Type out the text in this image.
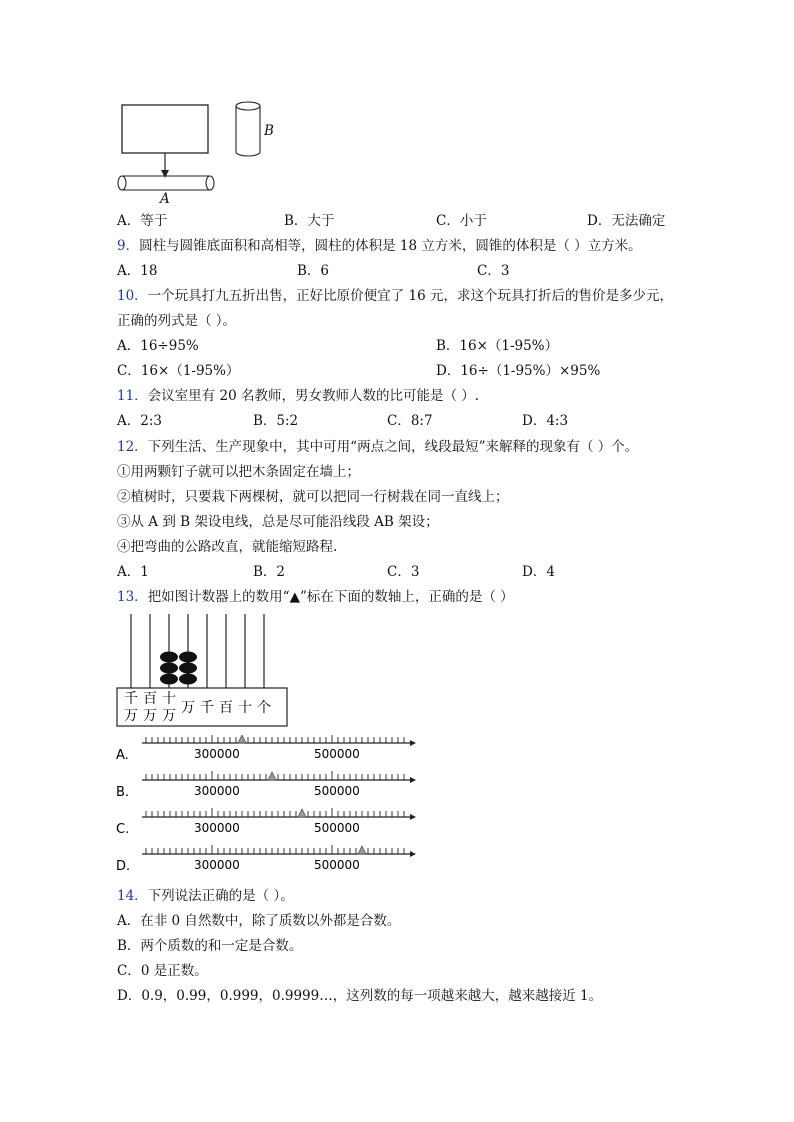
A
B
A．等于	B．大于	C．小于	D．无法确定
9．圆柱与圆锥底面积和高相等，圆柱的体积是 18 立方米，圆锥的体积是（ ）立方米。
A．18	B．6	C．3
10．一个玩具打九五折出售，正好比原价便宜了 16 元，求这个玩具打折后的售价是多少元，
正确的列式是（ ）。
A．16÷95%	B．16×（1-95%）
C．16×（1-95%）	D．16÷（1-95%）×95%
11．会议室里有 20 名教师，男女教师人数的比可能是（ ）.
A．2:3	B．5:2	C．8:7	D．4:3
12．下列生活、生产现象中，其中可用“两点之间，线段最短”来解释的现象有（ ）个。
①用两颗钉子就可以把木条固定在墙上；
②植树时，只要栽下两棵树，就可以把同一行树栽在同一直线上；
③从 A 到 B 架设电线，总是尽可能沿线段 AB 架设；
④把弯曲的公路改直，就能缩短路程.
A．1	B．2	C．3	D．4
13．把如图计数器上的数用“▲”标在下面的数轴上，正确的是（ ）
千
万
百
万
十
万 万 千 百 十 个
A.	300000	500000
B.	300000	500000
C.	300000	500000
D.	300000	500000
14．下列说法正确的是（ ）。
A．在非 0 自然数中，除了质数以外都是合数。
B．两个质数的和一定是合数。
C．0 是正数。
D．0.9，0.99，0.999，0.9999…，这列数的每一项越来越大，越来越接近 1。
